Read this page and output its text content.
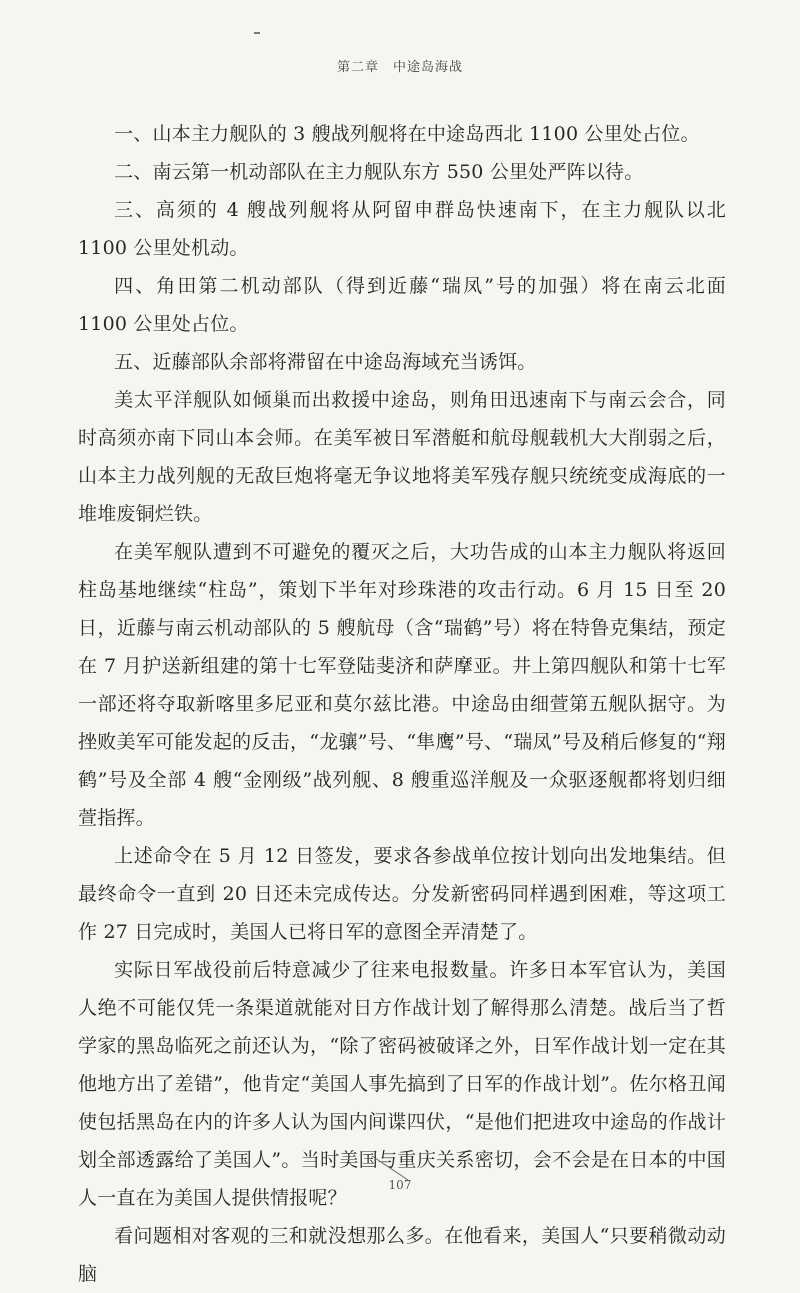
第二章 中途岛海战

一、山本主力舰队的 3 艘战列舰将在中途岛西北 1100 公里处占位。

二、南云第一机动部队在主力舰队东方 550 公里处严阵以待。

三、高须的 4 艘战列舰将从阿留申群岛快速南下，在主力舰队以北 1100 公里处机动。

四、角田第二机动部队（得到近藤“瑞凤”号的加强）将在南云北面 1100 公里处占位。

五、近藤部队余部将滞留在中途岛海域充当诱饵。

美太平洋舰队如倾巢而出救援中途岛，则角田迅速南下与南云会合，同时高须亦南下同山本会师。在美军被日军潜艇和航母舰载机大大削弱之后，山本主力战列舰的无敌巨炮将毫无争议地将美军残存舰只统统变成海底的一堆堆废铜烂铁。

在美军舰队遭到不可避免的覆灭之后，大功告成的山本主力舰队将返回柱岛基地继续“柱岛”，策划下半年对珍珠港的攻击行动。6 月 15 日至 20 日，近藤与南云机动部队的 5 艘航母（含“瑞鹤”号）将在特鲁克集结，预定在 7 月护送新组建的第十七军登陆斐济和萨摩亚。井上第四舰队和第十七军一部还将夺取新喀里多尼亚和莫尔兹比港。中途岛由细萱第五舰队据守。为挫败美军可能发起的反击，“龙骧”号、“隼鹰”号、“瑞凤”号及稍后修复的“翔鹤”号及全部 4 艘“金刚级”战列舰、8 艘重巡洋舰及一众驱逐舰都将划归细萱指挥。

上述命令在 5 月 12 日签发，要求各参战单位按计划向出发地集结。但最终命令一直到 20 日还未完成传达。分发新密码同样遇到困难，等这项工作 27 日完成时，美国人已将日军的意图全弄清楚了。

实际日军战役前后特意减少了往来电报数量。许多日本军官认为，美国人绝不可能仅凭一条渠道就能对日方作战计划了解得那么清楚。战后当了哲学家的黑岛临死之前还认为，“除了密码被破译之外，日军作战计划一定在其他地方出了差错”，他肯定“美国人事先搞到了日军的作战计划”。佐尔格丑闻使包括黑岛在内的许多人认为国内间谍四伏，“是他们把进攻中途岛的作战计划全部透露给了美国人”。当时美国与重庆关系密切，会不会是在日本的中国人一直在为美国人提供情报呢？

看问题相对客观的三和就没想那么多。在他看来，美国人“只要稍微动动脑

107
